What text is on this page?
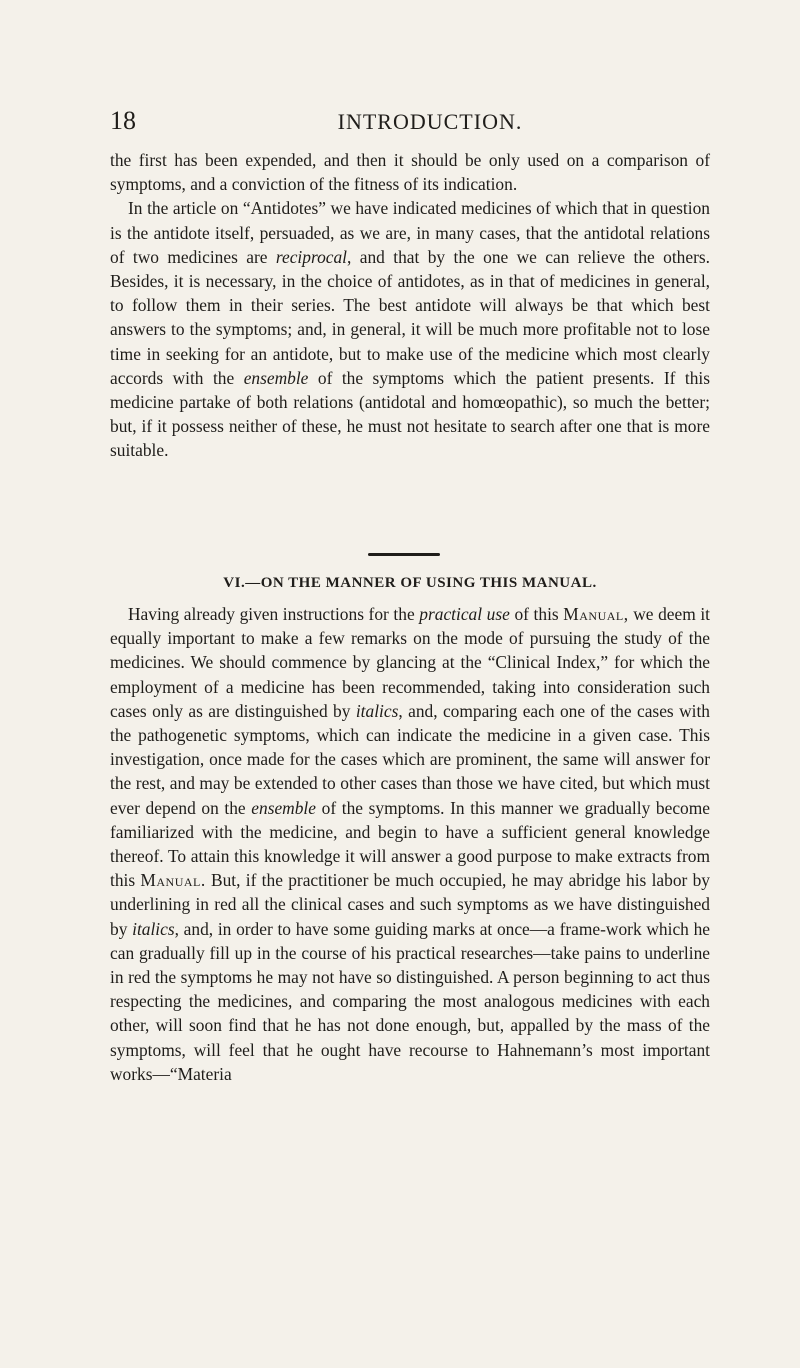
18	INTRODUCTION.

the first has been expended, and then it should be only used on a comparison of symptoms, and a conviction of the fitness of its indication.

In the article on “Antidotes” we have indicated medicines of which that in question is the antidote itself, persuaded, as we are, in many cases, that the antidotal relations of two medicines are reciprocal, and that by the one we can relieve the others. Besides, it is necessary, in the choice of antidotes, as in that of medicines in general, to follow them in their series. The best antidote will always be that which best answers to the symptoms; and, in general, it will be much more profitable not to lose time in seeking for an antidote, but to make use of the medicine which most clearly accords with the ensemble of the symptoms which the patient presents. If this medicine partake of both relations (antidotal and homœopathic), so much the better; but, if it possess neither of these, he must not hesitate to search after one that is more suitable.

VI.—ON THE MANNER OF USING THIS MANUAL.

Having already given instructions for the practical use of this Manual, we deem it equally important to make a few remarks on the mode of pursuing the study of the medicines. We should commence by glancing at the “Clinical Index,” for which the employment of a medicine has been recommended, taking into consideration such cases only as are distinguished by italics, and, comparing each one of the cases with the pathogenetic symptoms, which can indicate the medicine in a given case. This investigation, once made for the cases which are prominent, the same will answer for the rest, and may be extended to other cases than those we have cited, but which must ever depend on the ensemble of the symptoms. In this manner we gradually become familiarized with the medicine, and begin to have a sufficient general knowledge thereof. To attain this knowledge it will answer a good purpose to make extracts from this Manual. But, if the practitioner be much occupied, he may abridge his labor by underlining in red all the clinical cases and such symptoms as we have distinguished by italics, and, in order to have some guiding marks at once—a frame-work which he can gradually fill up in the course of his practical researches—take pains to underline in red the symptoms he may not have so distinguished. A person beginning to act thus respecting the medicines, and comparing the most analogous medicines with each other, will soon find that he has not done enough, but, appalled by the mass of the symptoms, will feel that he ought have recourse to Hahnemann’s most important works—“Materia
